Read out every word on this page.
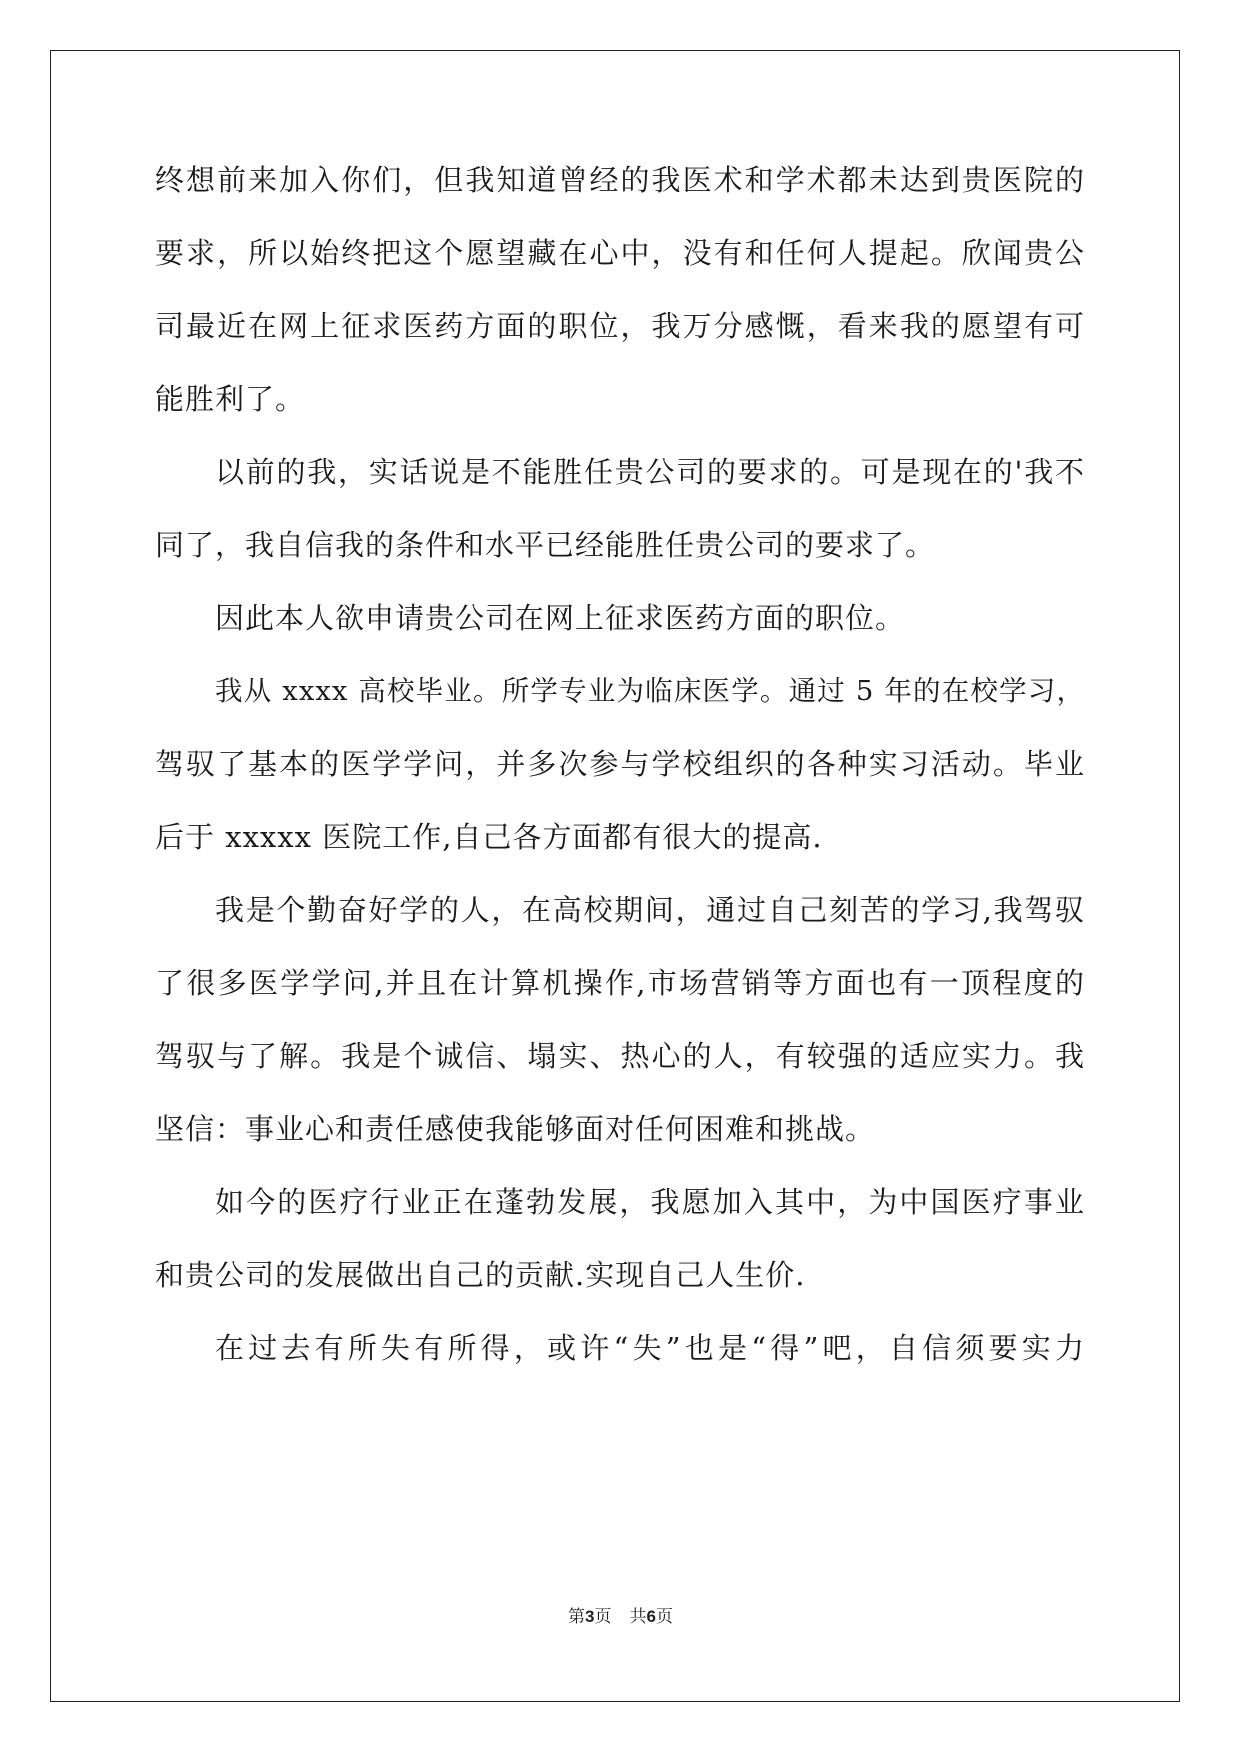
终想前来加入你们，但我知道曾经的我医术和学术都未达到贵医院的
要求，所以始终把这个愿望藏在心中，没有和任何人提起。欣闻贵公
司最近在网上征求医药方面的职位，我万分感慨，看来我的愿望有可
能胜利了。
以前的我，实话说是不能胜任贵公司的要求的。可是现在的'我不
同了，我自信我的条件和水平已经能胜任贵公司的要求了。
因此本人欲申请贵公司在网上征求医药方面的职位。
我从 xxxx 高校毕业。所学专业为临床医学。通过 5 年的在校学习，
驾驭了基本的医学学问，并多次参与学校组织的各种实习活动。毕业
后于 xxxxx 医院工作,自己各方面都有很大的提高.
我是个勤奋好学的人，在高校期间，通过自己刻苦的学习,我驾驭
了很多医学学问,并且在计算机操作,市场营销等方面也有一顶程度的
驾驭与了解。我是个诚信、塌实、热心的人，有较强的适应实力。我
坚信：事业心和责任感使我能够面对任何困难和挑战。
如今的医疗行业正在蓬勃发展，我愿加入其中，为中国医疗事业
和贵公司的发展做出自己的贡献.实现自己人生价.
在过去有所失有所得，或许“失”也是“得”吧，自信须要实力
第3页 共6页
